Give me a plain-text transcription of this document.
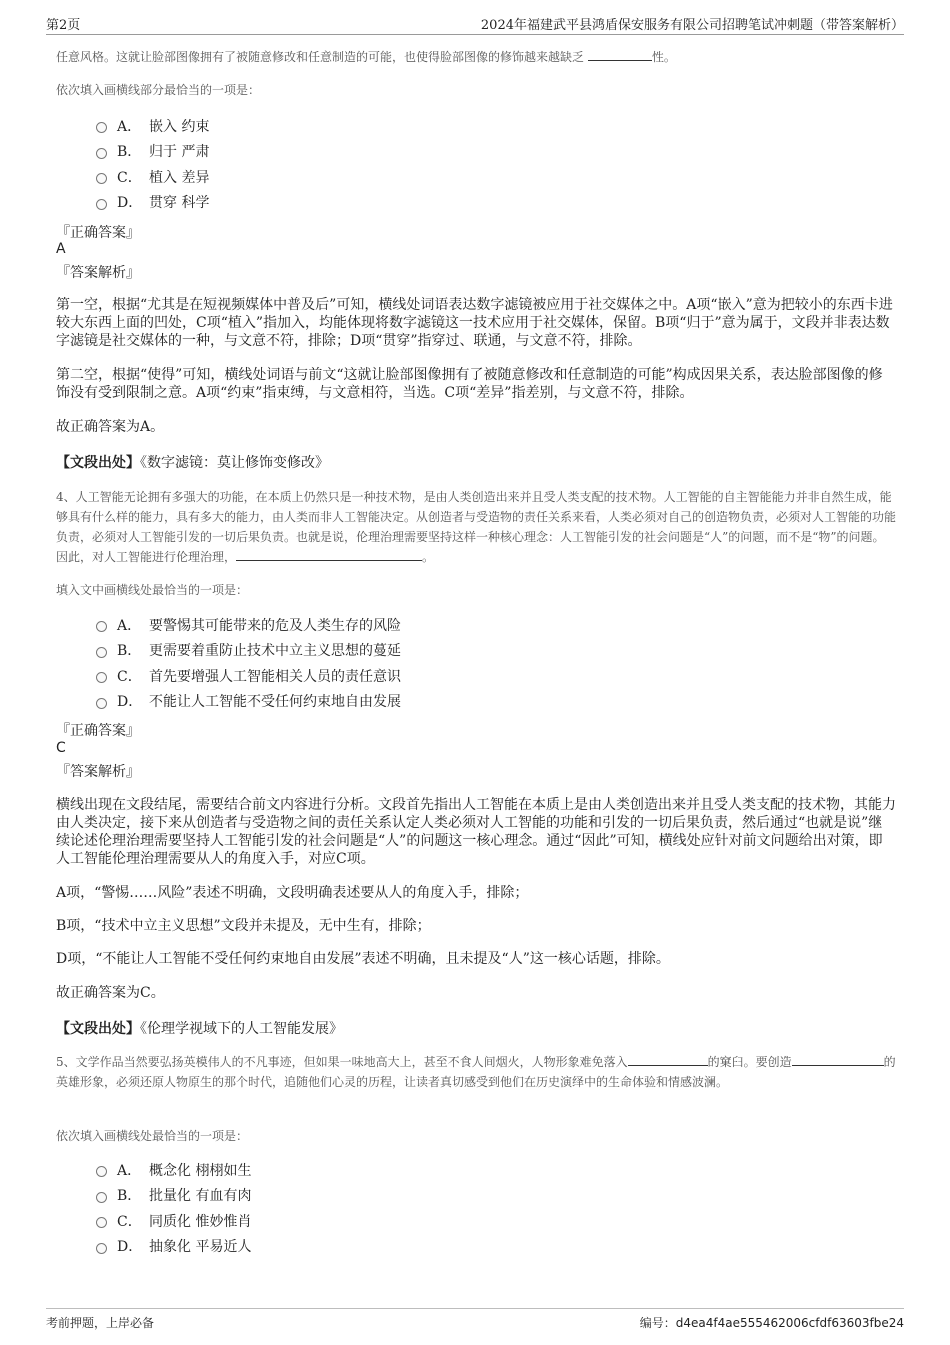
第2页	2024年福建武平县鸿盾保安服务有限公司招聘笔试冲刺题（带答案解析）
任意风格。这就让脸部图像拥有了被随意修改和任意制造的可能，也使得脸部图像的修饰越来越缺乏	性。
依次填入画横线部分最恰当的一项是：
A． 嵌入 约束
B． 归于 严肃
C． 植入 差异
D． 贯穿 科学
『正确答案』
A
『答案解析』
第一空，根据“尤其是在短视频媒体中普及后”可知，横线处词语表达数字滤镜被应用于社交媒体之中。A项“嵌入”意为把较小的东西卡进较大东西上面的凹处，C项“植入”指加入，均能体现将数字滤镜这一技术应用于社交媒体，保留。B项“归于”意为属于，文段并非表达数字滤镜是社交媒体的一种，与文意不符，排除；D项“贯穿”指穿过、联通，与文意不符，排除。
第二空，根据“使得”可知，横线处词语与前文“这就让脸部图像拥有了被随意修改和任意制造的可能”构成因果关系，表达脸部图像的修饰没有受到限制之意。A项“约束”指束缚，与文意相符，当选。C项“差异”指差别，与文意不符，排除。
故正确答案为A。
【文段出处】《数字滤镜：莫让修饰变修改》
4、人工智能无论拥有多强大的功能，在本质上仍然只是一种技术物，是由人类创造出来并且受人类支配的技术物。人工智能的自主智能能力并非自然生成，能够具有什么样的能力，具有多大的能力，由人类而非人工智能决定。从创造者与受造物的责任关系来看，人类必须对自己的创造物负责，必须对人工智能的功能负责，必须对人工智能引发的一切后果负责。也就是说，伦理治理需要坚持这样一种核心理念：人工智能引发的社会问题是“人”的问题，而不是“物”的问题。因此，对人工智能进行伦理治理，	。
填入文中画横线处最恰当的一项是：
A． 要警惕其可能带来的危及人类生存的风险
B． 更需要着重防止技术中立主义思想的蔓延
C． 首先要增强人工智能相关人员的责任意识
D． 不能让人工智能不受任何约束地自由发展
『正确答案』
C
『答案解析』
横线出现在文段结尾，需要结合前文内容进行分析。文段首先指出人工智能在本质上是由人类创造出来并且受人类支配的技术物，其能力由人类决定，接下来从创造者与受造物之间的责任关系认定人类必须对人工智能的功能和引发的一切后果负责，然后通过“也就是说”继续论述伦理治理需要坚持人工智能引发的社会问题是“人”的问题这一核心理念。通过“因此”可知，横线处应针对前文问题给出对策，即人工智能伦理治理需要从人的角度入手，对应C项。
A项，“警惕……风险”表述不明确，文段明确表述要从人的角度入手，排除；
B项，“技术中立主义思想”文段并未提及，无中生有，排除；
D项，“不能让人工智能不受任何约束地自由发展”表述不明确，且未提及“人”这一核心话题，排除。
故正确答案为C。
【文段出处】《伦理学视域下的人工智能发展》
5、文学作品当然要弘扬英模伟人的不凡事迹，但如果一味地高大上，甚至不食人间烟火，人物形象难免落入	的窠臼。要创造	的英雄形象，必须还原人物原生的那个时代，追随他们心灵的历程，让读者真切感受到他们在历史演绎中的生命体验和情感波澜。
依次填入画横线处最恰当的一项是：
A． 概念化 栩栩如生
B． 批量化 有血有肉
C． 同质化 惟妙惟肖
D． 抽象化 平易近人
考前押题，上岸必备	编号：d4ea4f4ae555462006cfdf63603fbe24
